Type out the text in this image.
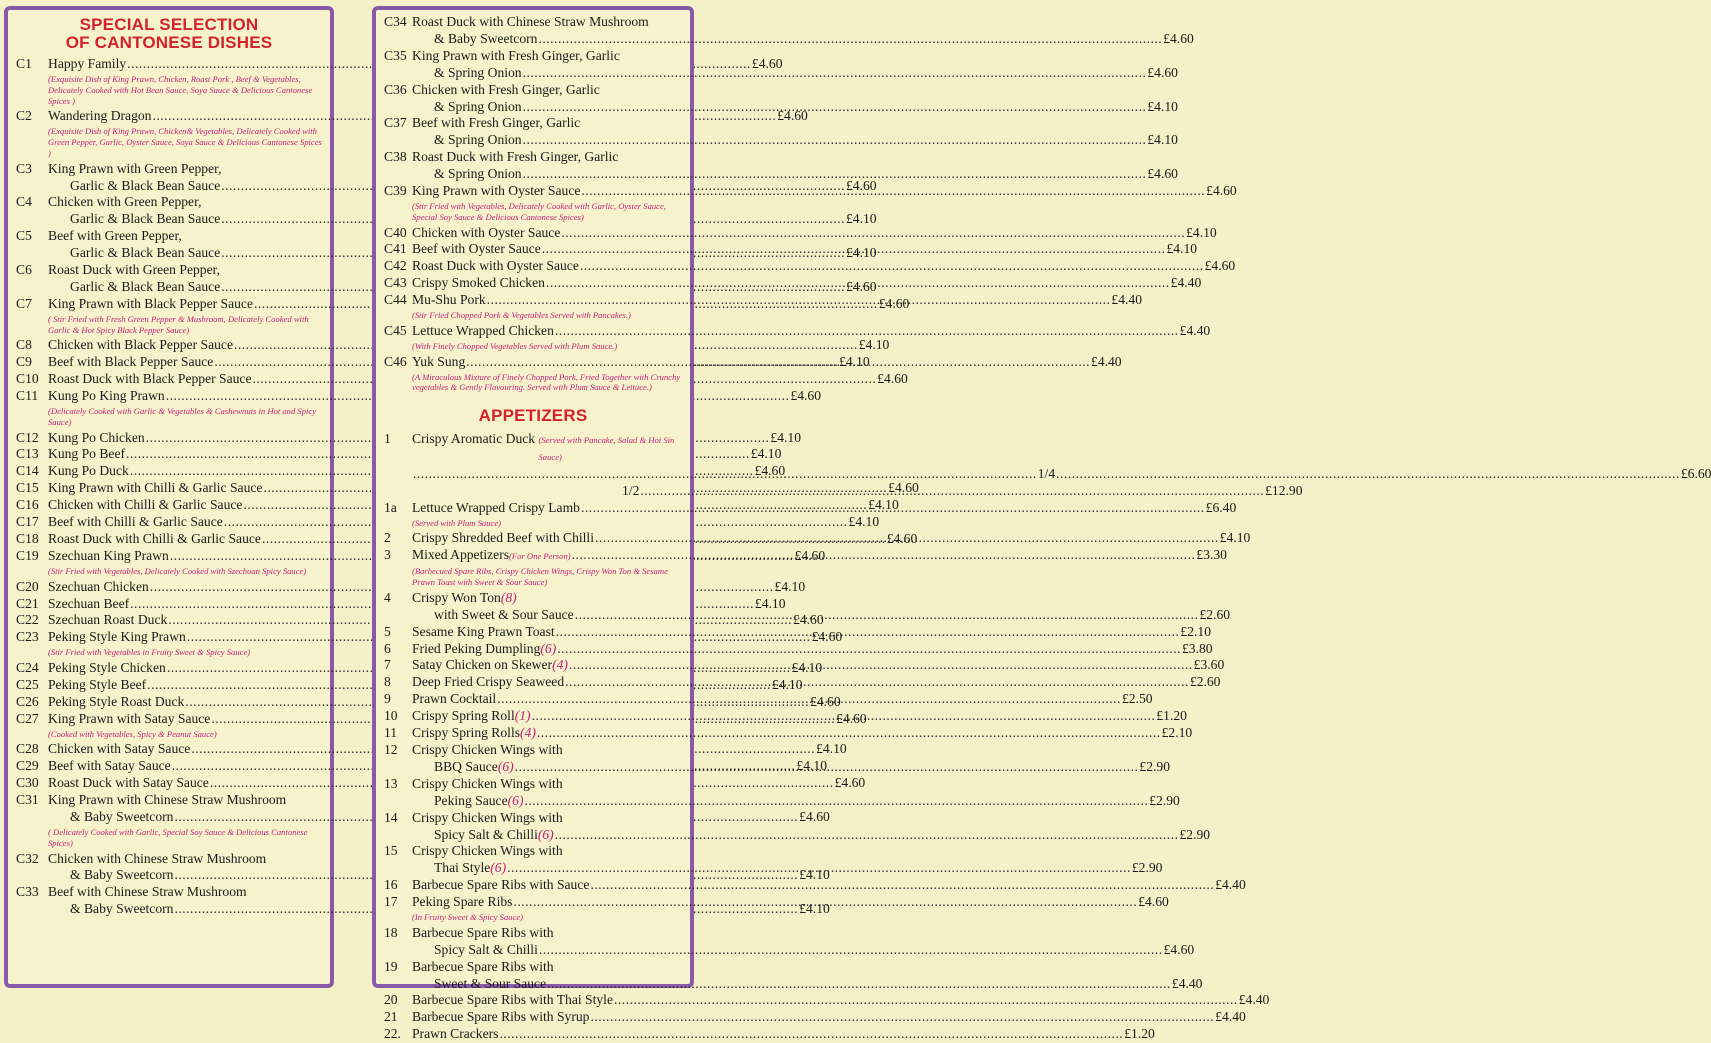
SPECIAL SELECTION
OF CANTONESE DISHES
C1	Happy Family .....	£4.60
(Exquisite Dish of King Prawn, Chicken, Roast Pork , Beef & Vegetables, Delicately Cooked with Hot Bean Sauce, Soya Sauce & Delicious Cantonese Spices )
C2	Wandering Dragon .....	£4.60
(Exquisite Dish of King Prawn, Chicken& Vegetables, Delicately Cooked with Green Pepper, Garlic, Oyster Sauce, Soya Sauce & Delicious Cantonese Spices )
C3	King Prawn with Green Pepper,
Garlic & Black Bean Sauce .....	£4.60
C4	Chicken with Green Pepper,
Garlic & Black Bean Sauce .....	£4.10
C5	Beef with Green Pepper,
Garlic & Black Bean Sauce .....	£4.10
C6	Roast Duck with Green Pepper,
Garlic & Black Bean Sauce .....	£4.60
C7	King Prawn with Black Pepper Sauce .....	£4.60
( Stir Fried with Fresh Green Pepper & Mushroom, Delicately Cooked with Garlic & Hot Spicy Black Pepper Sauce)
C8	Chicken with Black Pepper Sauce .....	£4.10
C9	Beef with Black Pepper Sauce .....	£4.10
C10 Roast Duck with Black Pepper Sauce .....	£4.60
C11 Kung Po King Prawn .....	£4.60
(Delicately Cooked with Garlic & Vegetables & Cashewnuts in Hot and Spicy Sauce)
C12 Kung Po Chicken .....	£4.10
C13 Kung Po Beef .....	£4.10
C14 Kung Po Duck .....	£4.60
C15 King Prawn with Chilli & Garlic Sauce .....	£4.60
C16 Chicken with Chilli & Garlic Sauce .....	£4.10
C17 Beef with Chilli & Garlic Sauce .....	£4.10
C18 Roast Duck with Chilli & Garlic Sauce .....	£4.60
C19 Szechuan King Prawn .....	£4.60
(Stir Fried with Vegetables, Delicately Cooked with Szechuan Spicy Sauce)
C20 Szechuan Chicken .....	£4.10
C21 Szechuan Beef .....	£4.10
C22 Szechuan Roast Duck .....	£4.60
C23 Peking Style King Prawn .....	£4.60
(Stir Fried with Vegetables in Fruity Sweet & Spicy Sauce)
C24 Peking Style Chicken .....	£4.10
C25 Peking Style Beef .....	£4.10
C26 Peking Style Roast Duck .....	£4.60
C27 King Prawn with Satay Sauce .....	£4.60
(Cooked with Vegetables, Spicy & Peanut Sauce)
C28 Chicken with Satay Sauce .....	£4.10
C29 Beef with Satay Sauce .....	£4.10
C30 Roast Duck with Satay Sauce .....	£4.60
C31 King Prawn with Chinese Straw Mushroom
& Baby Sweetcorn .....	£4.60
( Delicately Cooked with Garlic, Special Soy Sauce & Delicious Cantonese Spices)
C32 Chicken with Chinese Straw Mushroom
& Baby Sweetcorn .....	£4.10
C33 Beef with Chinese Straw Mushroom
& Baby Sweetcorn .....	£4.10
C34 Roast Duck with Chinese Straw Mushroom
& Baby Sweetcorn .....	£4.60
C35 King Prawn with Fresh Ginger, Garlic
& Spring Onion .....	£4.60
C36 Chicken with Fresh Ginger, Garlic
& Spring Onion .....	£4.10
C37 Beef with Fresh Ginger, Garlic
& Spring Onion .....	£4.10
C38 Roast Duck with Fresh Ginger, Garlic
& Spring Onion .....	£4.60
C39 King Prawn with Oyster Sauce .....	£4.60
(Stir Fried with Vegetables, Delicately Cooked with Garlic, Oyster Sauce, Special Soy Sauce & Delicious Cantonese Spices)
C40 Chicken with Oyster Sauce .....	£4.10
C41 Beef with Oyster Sauce .....	£4.10
C42 Roast Duck with Oyster Sauce .....	£4.60
C43 Crispy Smoked Chicken .....	£4.40
C44 Mu-Shu Pork .....	£4.40
(Stir Fried Chopped Pork & Vegetables Served with Pancakes.)
C45 Lettuce Wrapped Chicken .....	£4.40
(With Finely Chopped Vegetables Served with Plum Sauce.)
C46 Yuk Sung .....	£4.40
(A Miraculous Mixture of Finely Chopped Pork, Fried Together with Crunchy vegetables & Gently Flavouring. Served with Plum Sauce & Lettuce.)
APPETIZERS
1	Crispy Aromatic Duck
(Served with Pancake, Salad & Hoi Sin Sauce)
.....
1/4 .....	£6.60
1/2 .....	£12.90
1a	Lettuce Wrapped Crispy Lamb .....	£6.40
(Served with Plum Sauce)
2	Crispy Shredded Beef with Chilli .....	£4.10
3	Mixed Appetizers (For One Person) .....	£3.30
(Barbecued Spare Ribs, Crispy Chicken Wings, Crispy Won Ton & Sesame Prawn Toast with Sweet & Sour Sauce)
4	Crispy Won Ton (8)
with Sweet & Sour Sauce .....	£2.60
5	Sesame King Prawn Toast .....	£2.10
6	Fried Peking Dumpling (6) .....	£3.80
7	Satay Chicken on Skewer (4) .....	£3.60
8	Deep Fried Crispy Seaweed .....	£2.60
9	Prawn Cocktail .....	£2.50
10	Crispy Spring Roll (1) .....	£1.20
11	Crispy Spring Rolls (4) .....	£2.10
12	Crispy Chicken Wings with
BBQ Sauce (6) .....	£2.90
13	Crispy Chicken Wings with
Peking Sauce (6) .....	£2.90
14	Crispy Chicken Wings with
Spicy Salt & Chilli (6) .....	£2.90
15	Crispy Chicken Wings with
Thai Style (6) .....	£2.90
16	Barbecue Spare Ribs with Sauce .....	£4.40
17	Peking Spare Ribs .....	£4.60
(In Fruity Sweet & Spicy Sauce)
18	Barbecue Spare Ribs with
Spicy Salt & Chilli .....	£4.60
19	Barbecue Spare Ribs with
Sweet & Sour Sauce .....	£4.40
20	Barbecue Spare Ribs with Thai Style .....	£4.40
21	Barbecue Spare Ribs with Syrup .....	£4.40
22. Prawn Crackers .....	£1.20
